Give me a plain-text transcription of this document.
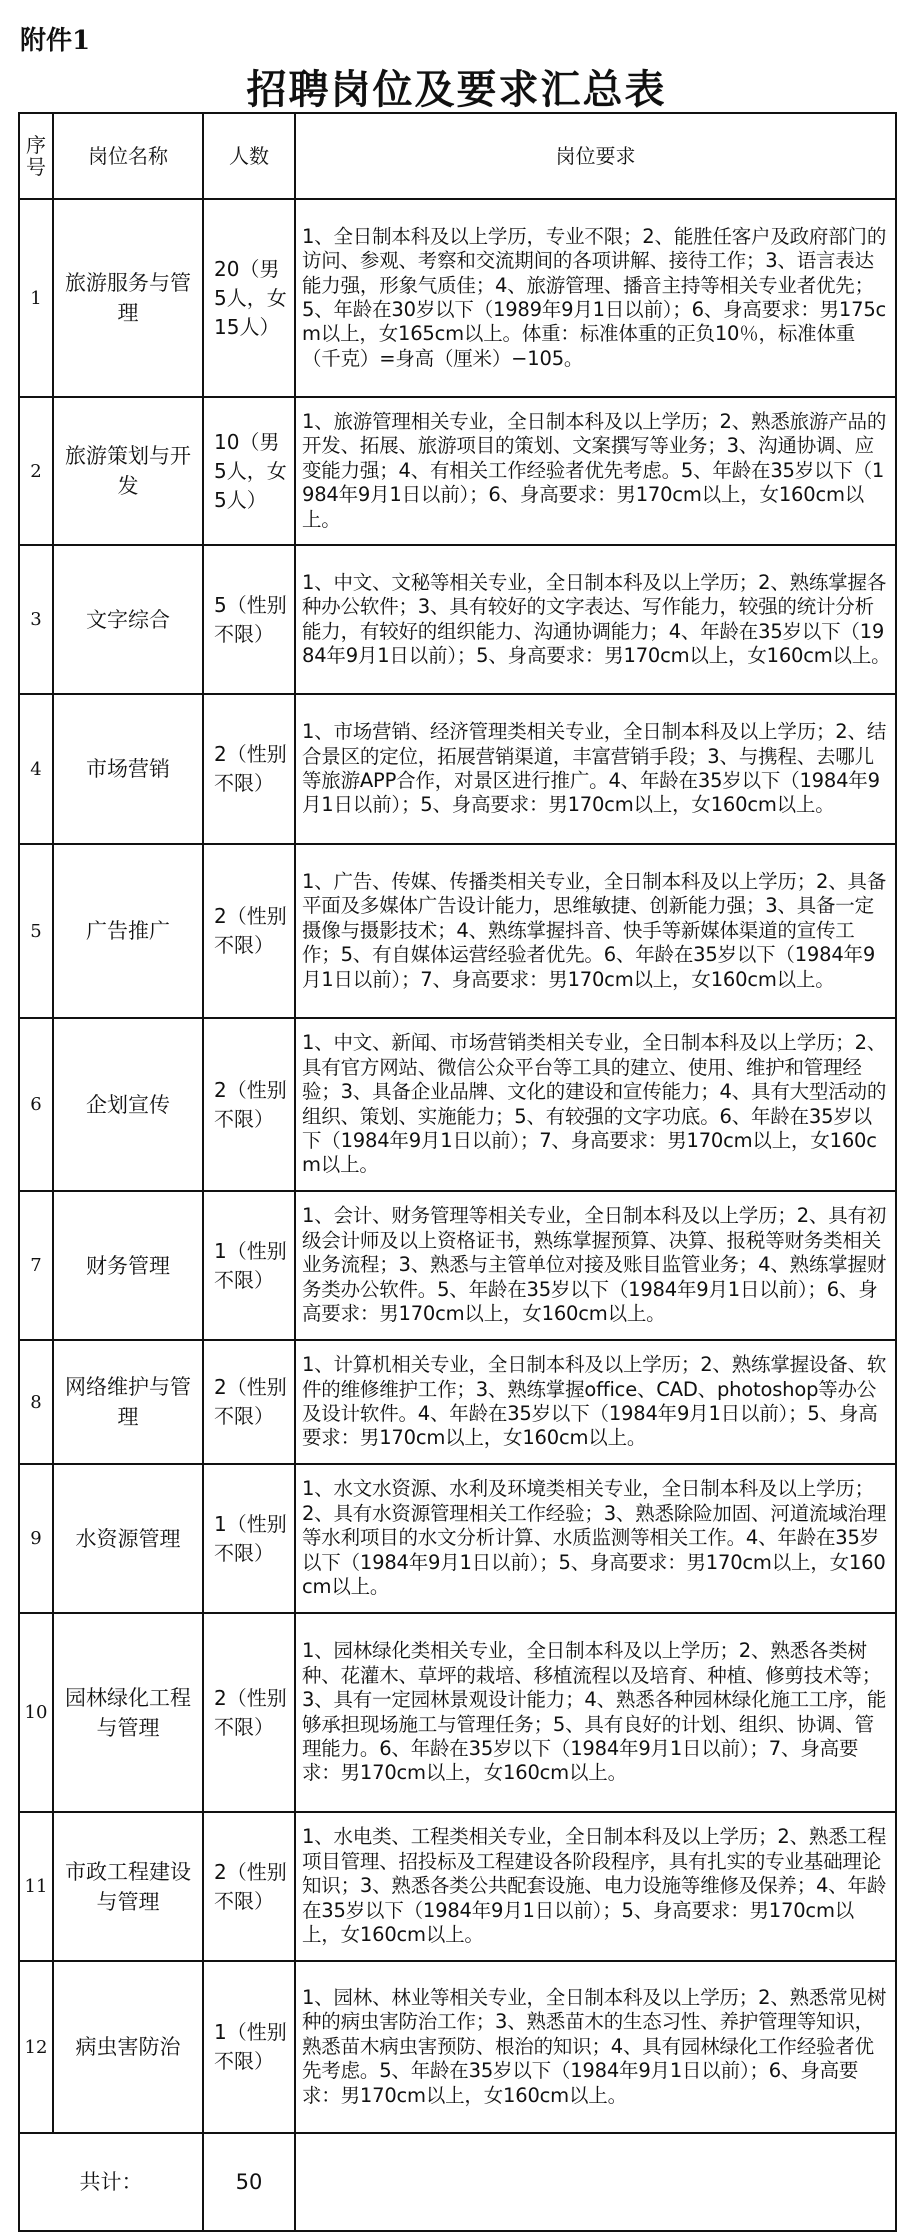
附件1
招聘岗位及要求汇总表
序号	岗位名称	人数	岗位要求
1	旅游服务与管理	20（男5人，女15人）	1、全日制本科及以上学历，专业不限；2、能胜任客户及政府部门的访问、参观、考察和交流期间的各项讲解、接待工作；3、语言表达能力强，形象气质佳；4、旅游管理、播音主持等相关专业者优先；5、年龄在30岁以下（1989年9月1日以前）；6、身高要求：男175cm以上，女165cm以上。体重：标准体重的正负10％，标准体重（千克）=身高（厘米）−105。
2	旅游策划与开发	10（男5人，女5人）	1、旅游管理相关专业，全日制本科及以上学历；2、熟悉旅游产品的开发、拓展、旅游项目的策划、文案撰写等业务；3、沟通协调、应变能力强；4、有相关工作经验者优先考虑。5、年龄在35岁以下（1984年9月1日以前）；6、身高要求：男170cm以上，女160cm以上。
3	文字综合	5（性别不限）	1、中文、文秘等相关专业，全日制本科及以上学历；2、熟练掌握各种办公软件；3、具有较好的文字表达、写作能力，较强的统计分析能力，有较好的组织能力、沟通协调能力；4、年龄在35岁以下（1984年9月1日以前）；5、身高要求：男170cm以上，女160cm以上。
4	市场营销	2（性别不限）	1、市场营销、经济管理类相关专业，全日制本科及以上学历；2、结合景区的定位，拓展营销渠道，丰富营销手段；3、与携程、去哪儿等旅游APP合作，对景区进行推广。4、年龄在35岁以下（1984年9月1日以前）；5、身高要求：男170cm以上，女160cm以上。
5	广告推广	2（性别不限）	1、广告、传媒、传播类相关专业，全日制本科及以上学历；2、具备平面及多媒体广告设计能力，思维敏捷、创新能力强；3、具备一定摄像与摄影技术；4、熟练掌握抖音、快手等新媒体渠道的宣传工作；5、有自媒体运营经验者优先。6、年龄在35岁以下（1984年9月1日以前）；7、身高要求：男170cm以上，女160cm以上。
6	企划宣传	2（性别不限）	1、中文、新闻、市场营销类相关专业，全日制本科及以上学历；2、具有官方网站、微信公众平台等工具的建立、使用、维护和管理经验；3、具备企业品牌、文化的建设和宣传能力；4、具有大型活动的组织、策划、实施能力；5、有较强的文字功底。6、年龄在35岁以下（1984年9月1日以前）；7、身高要求：男170cm以上，女160cm以上。
7	财务管理	1（性别不限）	1、会计、财务管理等相关专业，全日制本科及以上学历；2、具有初级会计师及以上资格证书，熟练掌握预算、决算、报税等财务类相关业务流程；3、熟悉与主管单位对接及账目监管业务；4、熟练掌握财务类办公软件。5、年龄在35岁以下（1984年9月1日以前）；6、身高要求：男170cm以上，女160cm以上。
8	网络维护与管理	2（性别不限）	1、计算机相关专业，全日制本科及以上学历；2、熟练掌握设备、软件的维修维护工作；3、熟练掌握office、CAD、photoshop等办公及设计软件。4、年龄在35岁以下（1984年9月1日以前）；5、身高要求：男170cm以上，女160cm以上。
9	水资源管理	1（性别不限）	1、水文水资源、水利及环境类相关专业，全日制本科及以上学历；2、具有水资源管理相关工作经验；3、熟悉除险加固、河道流域治理等水利项目的水文分析计算、水质监测等相关工作。4、年龄在35岁以下（1984年9月1日以前）；5、身高要求：男170cm以上，女160cm以上。
10	园林绿化工程与管理	2（性别不限）	1、园林绿化类相关专业，全日制本科及以上学历；2、熟悉各类树种、花灌木、草坪的栽培、移植流程以及培育、种植、修剪技术等；3、具有一定园林景观设计能力；4、熟悉各种园林绿化施工工序，能够承担现场施工与管理任务；5、具有良好的计划、组织、协调、管理能力。6、年龄在35岁以下（1984年9月1日以前）；7、身高要求：男170cm以上，女160cm以上。
11	市政工程建设与管理	2（性别不限）	1、水电类、工程类相关专业，全日制本科及以上学历；2、熟悉工程项目管理、招投标及工程建设各阶段程序，具有扎实的专业基础理论知识；3、熟悉各类公共配套设施、电力设施等维修及保养；4、年龄在35岁以下（1984年9月1日以前）；5、身高要求：男170cm以上，女160cm以上。
12	病虫害防治	1（性别不限）	1、园林、林业等相关专业，全日制本科及以上学历；2、熟悉常见树种的病虫害防治工作；3、熟悉苗木的生态习性、养护管理等知识，熟悉苗木病虫害预防、根治的知识；4、具有园林绿化工作经验者优先考虑。5、年龄在35岁以下（1984年9月1日以前）；6、身高要求：男170cm以上，女160cm以上。
共计：		50	
